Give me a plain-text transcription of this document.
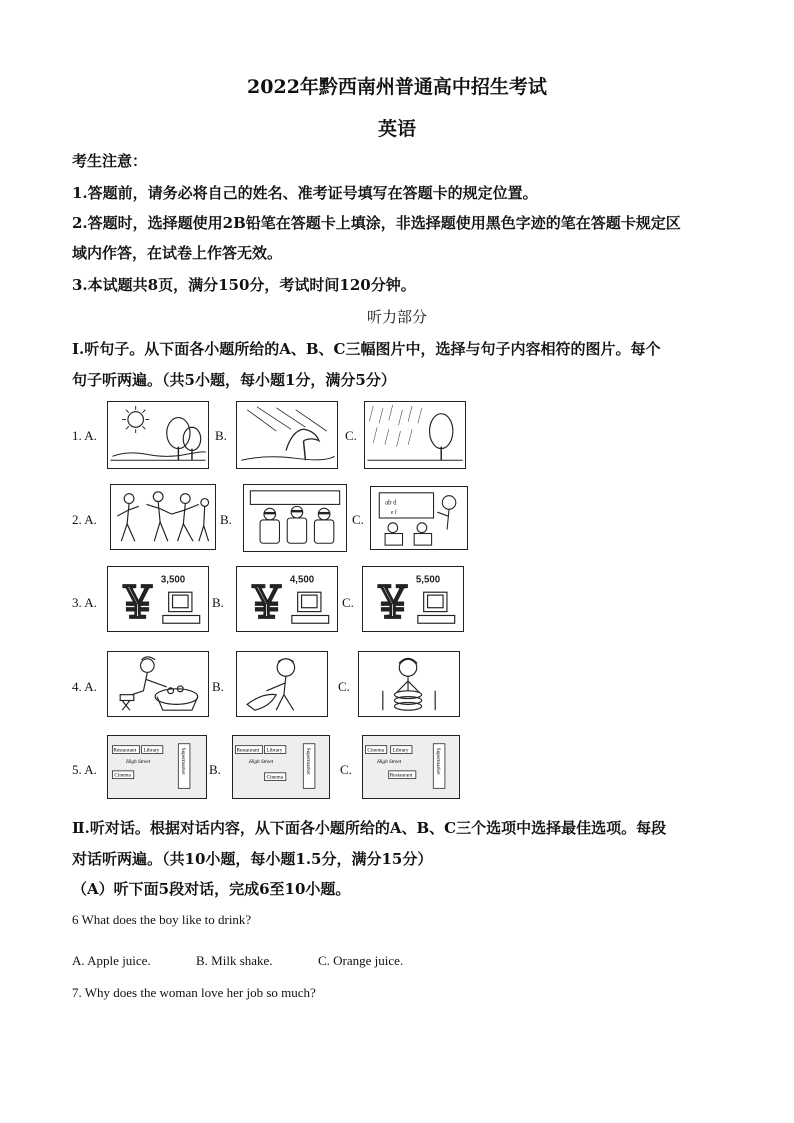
2022年黔西南州普通高中招生考试
英语
考生注意：
1.答题前，请务必将自己的姓名、准考证号填写在答题卡的规定位置。
2.答题时，选择题使用2B铅笔在答题卡上填涂，非选择题使用黑色字迹的笔在答题卡规定区
域内作答，在试卷上作答无效。
3.本试题共8页，满分150分，考试时间120分钟。
听力部分
Ⅰ.听句子。从下面各小题所给的A、B、C三幅图片中，选择与句子内容相符的图片。每个
句子听两遍。（共5小题，每小题1分，满分5分）
1. A.	B.	C.
2. A.	B.	C.
ab d
e f
3. A. ￥ 3,500
B. ￥ 4,500
C. ￥ 5,500
4. A.	B.	C.
5. A.
Restaurant Library
High Street
Cinema
Supermarket B.
Restaurant Library
High Street
Cinema
Supermarket C.
Cinema Library
High Street
Restaurant
Supermarket
Ⅱ.听对话。根据对话内容，从下面各小题所给的A、B、C三个选项中选择最佳选项。每段
对话听两遍。（共10小题，每小题1.5分，满分15分）
（A）听下面5段对话，完成6至10小题。
6 What does the boy like to drink?
A. Apple juice.	B. Milk shake.	C. Orange juice.
7. Why does the woman love her job so much?
